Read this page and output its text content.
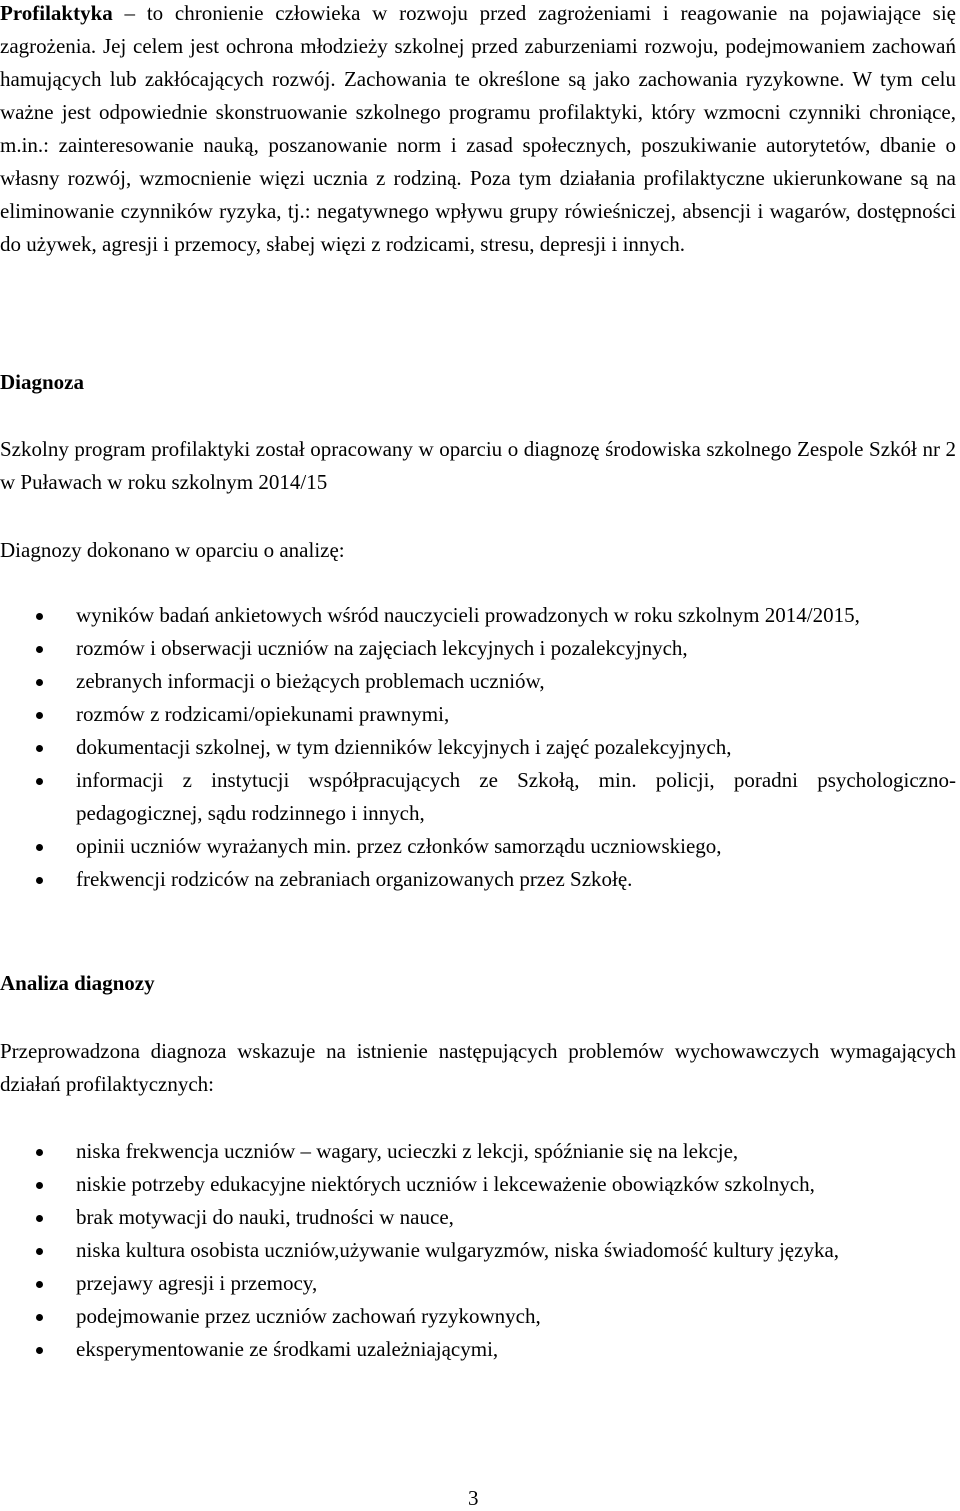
Profilaktyka – to chronienie człowieka w rozwoju przed zagrożeniami i reagowanie na pojawiające się zagrożenia. Jej celem jest ochrona młodzieży szkolnej przed zaburzeniami rozwoju, podejmowaniem zachowań hamujących lub zakłócających rozwój. Zachowania te określone są jako zachowania ryzykowne. W tym celu ważne jest odpowiednie skonstruowanie szkolnego programu profilaktyki, który wzmocni czynniki chroniące, m.in.: zainteresowanie nauką, poszanowanie norm i zasad społecznych, poszukiwanie autorytetów, dbanie o własny rozwój, wzmocnienie więzi ucznia z rodziną. Poza tym działania profilaktyczne ukierunkowane są na eliminowanie czynników ryzyka, tj.: negatywnego wpływu grupy rówieśniczej, absencji i wagarów, dostępności do używek, agresji i przemocy, słabej więzi z rodzicami, stresu, depresji i innych.

Diagnoza

Szkolny program profilaktyki został opracowany w oparciu o diagnozę środowiska szkolnego Zespole Szkół nr 2 w Puławach w roku szkolnym 2014/15

Diagnozy dokonano w oparciu o analizę:

wyników badań ankietowych wśród nauczycieli prowadzonych w roku szkolnym 2014/2015,
rozmów i obserwacji uczniów na zajęciach lekcyjnych i pozalekcyjnych,
zebranych informacji o bieżących problemach uczniów,
rozmów z rodzicami/opiekunami prawnymi,
dokumentacji szkolnej, w tym dzienników lekcyjnych i zajęć pozalekcyjnych,
informacji z instytucji współpracujących ze Szkołą, min. policji, poradni psychologiczno-pedagogicznej, sądu rodzinnego i innych,
opinii uczniów wyrażanych min. przez członków samorządu uczniowskiego,
frekwencji rodziców na zebraniach organizowanych przez Szkołę.

Analiza diagnozy

Przeprowadzona diagnoza wskazuje na istnienie następujących problemów wychowawczych wymagających działań profilaktycznych:

niska frekwencja uczniów – wagary, ucieczki z lekcji, spóźnianie się na lekcje,
niskie potrzeby edukacyjne niektórych uczniów i lekceważenie obowiązków szkolnych,
brak motywacji do nauki, trudności w nauce,
niska kultura osobista uczniów,używanie wulgaryzmów, niska świadomość kultury języka,
przejawy agresji i przemocy,
podejmowanie przez uczniów zachowań ryzykownych,
eksperymentowanie ze środkami uzależniającymi,
3
